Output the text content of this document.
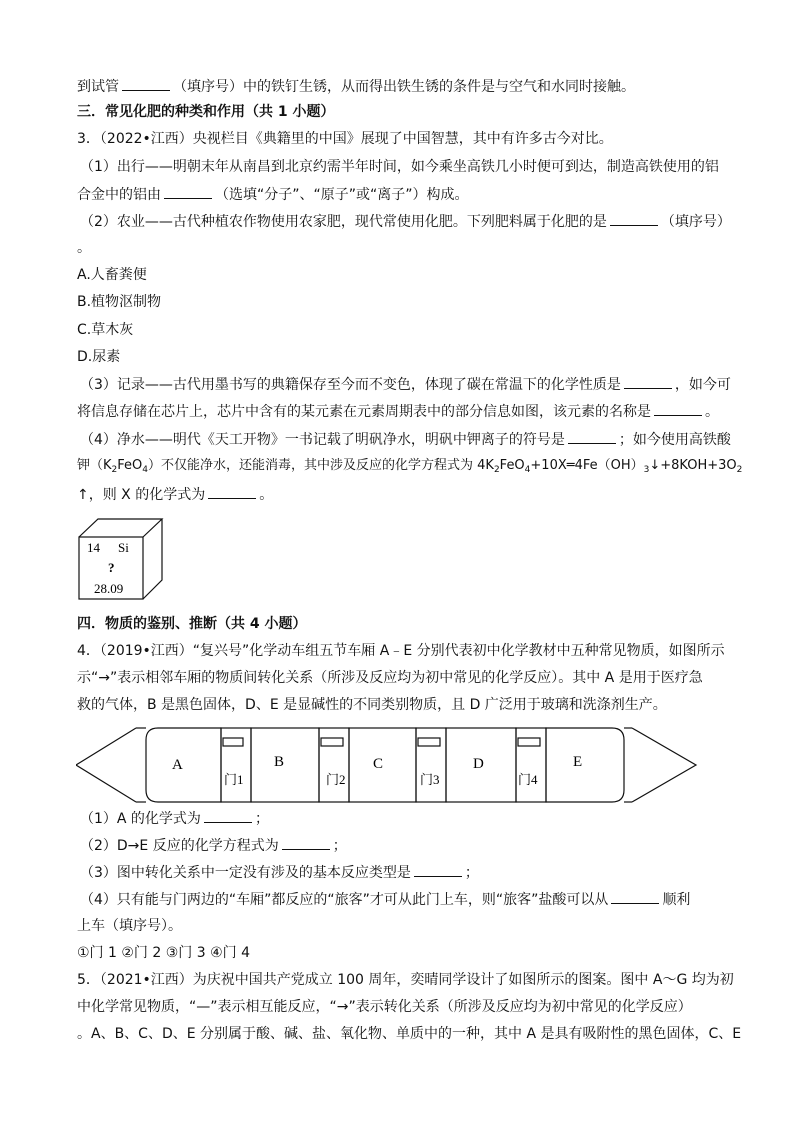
到试管	（填序号）中的铁钉生锈，从而得出铁生锈的条件是与空气和水同时接触。
三．常见化肥的种类和作用（共 1 小题）
3．（2022•江西）央视栏目《典籍里的中国》展现了中国智慧，其中有许多古今对比。
（1）出行——明朝末年从南昌到北京约需半年时间，如今乘坐高铁几小时便可到达，制造高铁使用的铝
合金中的铝由	（选填“分子”、“原子”或“离子”）构成。
（2）农业——古代种植农作物使用农家肥，现代常使用化肥。下列肥料属于化肥的是	（填序号）
。
A.人畜粪便
B.植物沤制物
C.草木灰
D.尿素
（3）记录——古代用墨书写的典籍保存至今而不变色，体现了碳在常温下的化学性质是	，如今可
将信息存储在芯片上，芯片中含有的某元素在元素周期表中的部分信息如图，该元素的名称是	。
（4）净水——明代《天工开物》一书记载了明矾净水，明矾中钾离子的符号是	；如今使用高铁酸
钾$(K_2FeO_4)$不仅能净水，还能消毒，其中涉及反应的化学方程式为 $4K_2FeO_4+10X═4Fe(OH)_3↓+8KOH+3O_2$
↑，则 X 的化学式为	。
14 Si
?
28.09
四．物质的鉴别、推断（共 4 小题）
4．（2019•江西）“复兴号”化学动车组五节车厢 A﹣E 分别代表初中化学教材中五种常见物质，如图所示
示“→”表示相邻车厢的物质间转化关系（所涉及反应均为初中常见的化学反应）。其中 A 是用于医疗急
救的气体，B 是黑色固体，D、E 是显碱性的不同类别物质，且 D 广泛用于玻璃和洗涤剂生产。
A	B	C	D	E
门1	门2	门3	门4
（1）A 的化学式为	；
（2）D→E 反应的化学方程式为	；
（3）图中转化关系中一定没有涉及的基本反应类型是	；
（4）只有能与门两边的“车厢”都反应的“旅客”才可从此门上车，则“旅客”盐酸可以从	顺利
上车（填序号）。
①门 1 ②门 2 ③门 3 ④门 4
5．（2021•江西）为庆祝中国共产党成立 100 周年，奕晴同学设计了如图所示的图案。图中 A～G 均为初
中化学常见物质，“—”表示相互能反应，“→”表示转化关系（所涉及反应均为初中常见的化学反应）
。A、B、C、D、E 分别属于酸、碱、盐、氧化物、单质中的一种，其中 A 是具有吸附性的黑色固体，C、E
